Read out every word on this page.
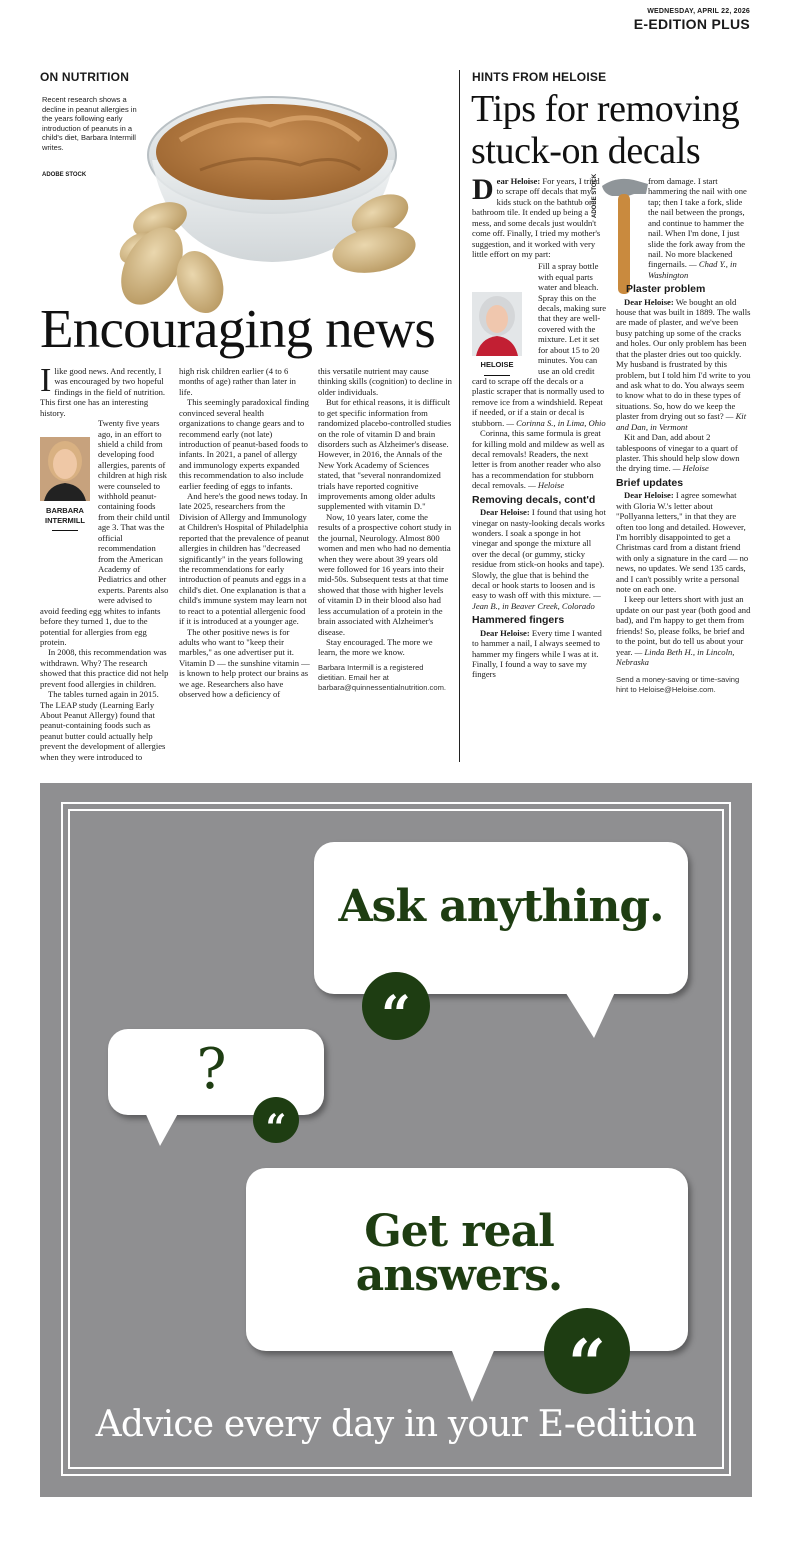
WEDNESDAY, APRIL 22, 2026
E-EDITION PLUS
ON NUTRITION
Recent research shows a decline in peanut allergies in the years following early introduction of peanuts in a child's diet, Barbara Intermill writes.
ADOBE STOCK
Encouraging news
BARBARA INTERMILL

I like good news. And recently, I was encouraged by two hopeful findings in the field of nutrition. This first one has an interesting history.

Twenty five years ago, in an effort to shield a child from developing food allergies, parents of children at high risk were counseled to withhold peanut-containing foods from their child until age 3. That was the official recommendation from the American Academy of Pediatrics and other experts. Parents also were advised to avoid feeding egg whites to infants before they turned 1, due to the potential for allergies from egg protein.

In 2008, this recommendation was withdrawn. Why? The research showed that this practice did not help prevent food allergies in children.

The tables turned again in 2015. The LEAP study (Learning Early About Peanut Allergy) found that peanut-containing foods such as peanut butter could actually help prevent the development of allergies when they were introduced to

high risk children earlier (4 to 6 months of age) rather than later in life.

This seemingly paradoxical finding convinced several health organizations to change gears and to recommend early (not late) introduction of peanut-based foods to infants. In 2021, a panel of allergy and immunology experts expanded this recommendation to also include earlier feeding of eggs to infants.

And here's the good news today. In late 2025, researchers from the Division of Allergy and Immunology at Children's Hospital of Philadelphia reported that the prevalence of peanut allergies in children has "decreased significantly" in the years following the recommendations for early introduction of peanuts and eggs in a child's diet. One explanation is that a child's immune system may learn not to react to a potential allergenic food if it is introduced at a younger age.

The other positive news is for adults who want to "keep their marbles," as one advertiser put it. Vitamin D — the sunshine vitamin — is known to help protect our brains as we age. Researchers also have observed how a deficiency of

this versatile nutrient may cause thinking skills (cognition) to decline in older individuals.

But for ethical reasons, it is difficult to get specific information from randomized placebo-controlled studies on the role of vitamin D and brain disorders such as Alzheimer's disease. However, in 2016, the Annals of the New York Academy of Sciences stated, that "several nonrandomized trials have reported cognitive improvements among older adults supplemented with vitamin D."

Now, 10 years later, come the results of a prospective cohort study in the journal, Neurology. Almost 800 women and men who had no dementia when they were about 39 years old were followed for 16 years into their mid-50s. Subsequent tests at that time showed that those with higher levels of vitamin D in their blood also had less accumulation of a protein in the brain associated with Alzheimer's disease.

Stay encouraged. The more we learn, the more we know.

Barbara Intermill is a registered dietitian. Email her at barbara@quinnessentialnutrition.com.

HINTS FROM HELOISE
Tips for removing stuck-on decals
ADOBE STOCK

Dear Heloise: For years, I tried to scrape off decals that my kids stuck on the bathtub or bathroom tile. It ended up being a mess, and some decals just wouldn't come off. Finally, I tried my mother's suggestion, and it worked with very little effort on my part:

Fill a spray bottle with equal parts water and bleach. Spray this on the decals, making sure that they are well-covered with the mixture. Let it set for about 15 to 20 minutes. You can use an old credit card to scrape off the decals or a plastic scraper that is normally used to remove ice from a windshield. Repeat if needed, or if a stain or decal is stubborn. — Corinna S., in Lima, Ohio

Corinna, this same formula is great for killing mold and mildew as well as decal removals! Readers, the next letter is from another reader who also has a recommendation for stubborn decal removals. — Heloise

Removing decals, cont'd

Dear Heloise: I found that using hot vinegar on nasty-looking decals works wonders. I soak a sponge in hot vinegar and sponge the mixture all over the decal (or gummy, sticky residue from stick-on hooks and tape). Slowly, the glue that is behind the decal or hook starts to loosen and is easy to wash off with this mixture. — Jean B., in Beaver Creek, Colorado

Hammered fingers

Dear Heloise: Every time I wanted to hammer a nail, I always seemed to hammer my fingers while I was at it. Finally, I found a way to save my fingers

HELOISE

from damage. I start hammering the nail with one tap; then I take a fork, slide the nail between the prongs, and continue to hammer the nail. When I'm done, I just slide the fork away from the nail. No more blackened fingernails. — Chad Y., in Washington

Plaster problem

Dear Heloise: We bought an old house that was built in 1889. The walls are made of plaster, and we've been busy patching up some of the cracks and holes. Our only problem has been that the plaster dries out too quickly. My husband is frustrated by this problem, but I told him I'd write to you and ask what to do. You always seem to know what to do in these types of situations. So, how do we keep the plaster from drying out so fast? — Kit and Dan, in Vermont

Kit and Dan, add about 2 tablespoons of vinegar to a quart of plaster. This should help slow down the drying time. — Heloise

Brief updates

Dear Heloise: I agree somewhat with Gloria W.'s letter about "Pollyanna letters," in that they are often too long and detailed. However, I'm horribly disappointed to get a Christmas card from a distant friend with only a signature in the card — no news, no updates. We send 135 cards, and I can't possibly write a personal note on each one.

I keep our letters short with just an update on our past year (both good and bad), and I'm happy to get them from friends! So, please folks, be brief and to the point, but do tell us about your year. — Linda Beth H., in Lincoln, Nebraska

Send a money-saving or time-saving hint to Heloise@Heloise.com.

Ask anything.
“
?
“
Get real
answers.
“
Advice every day in your E-edition
